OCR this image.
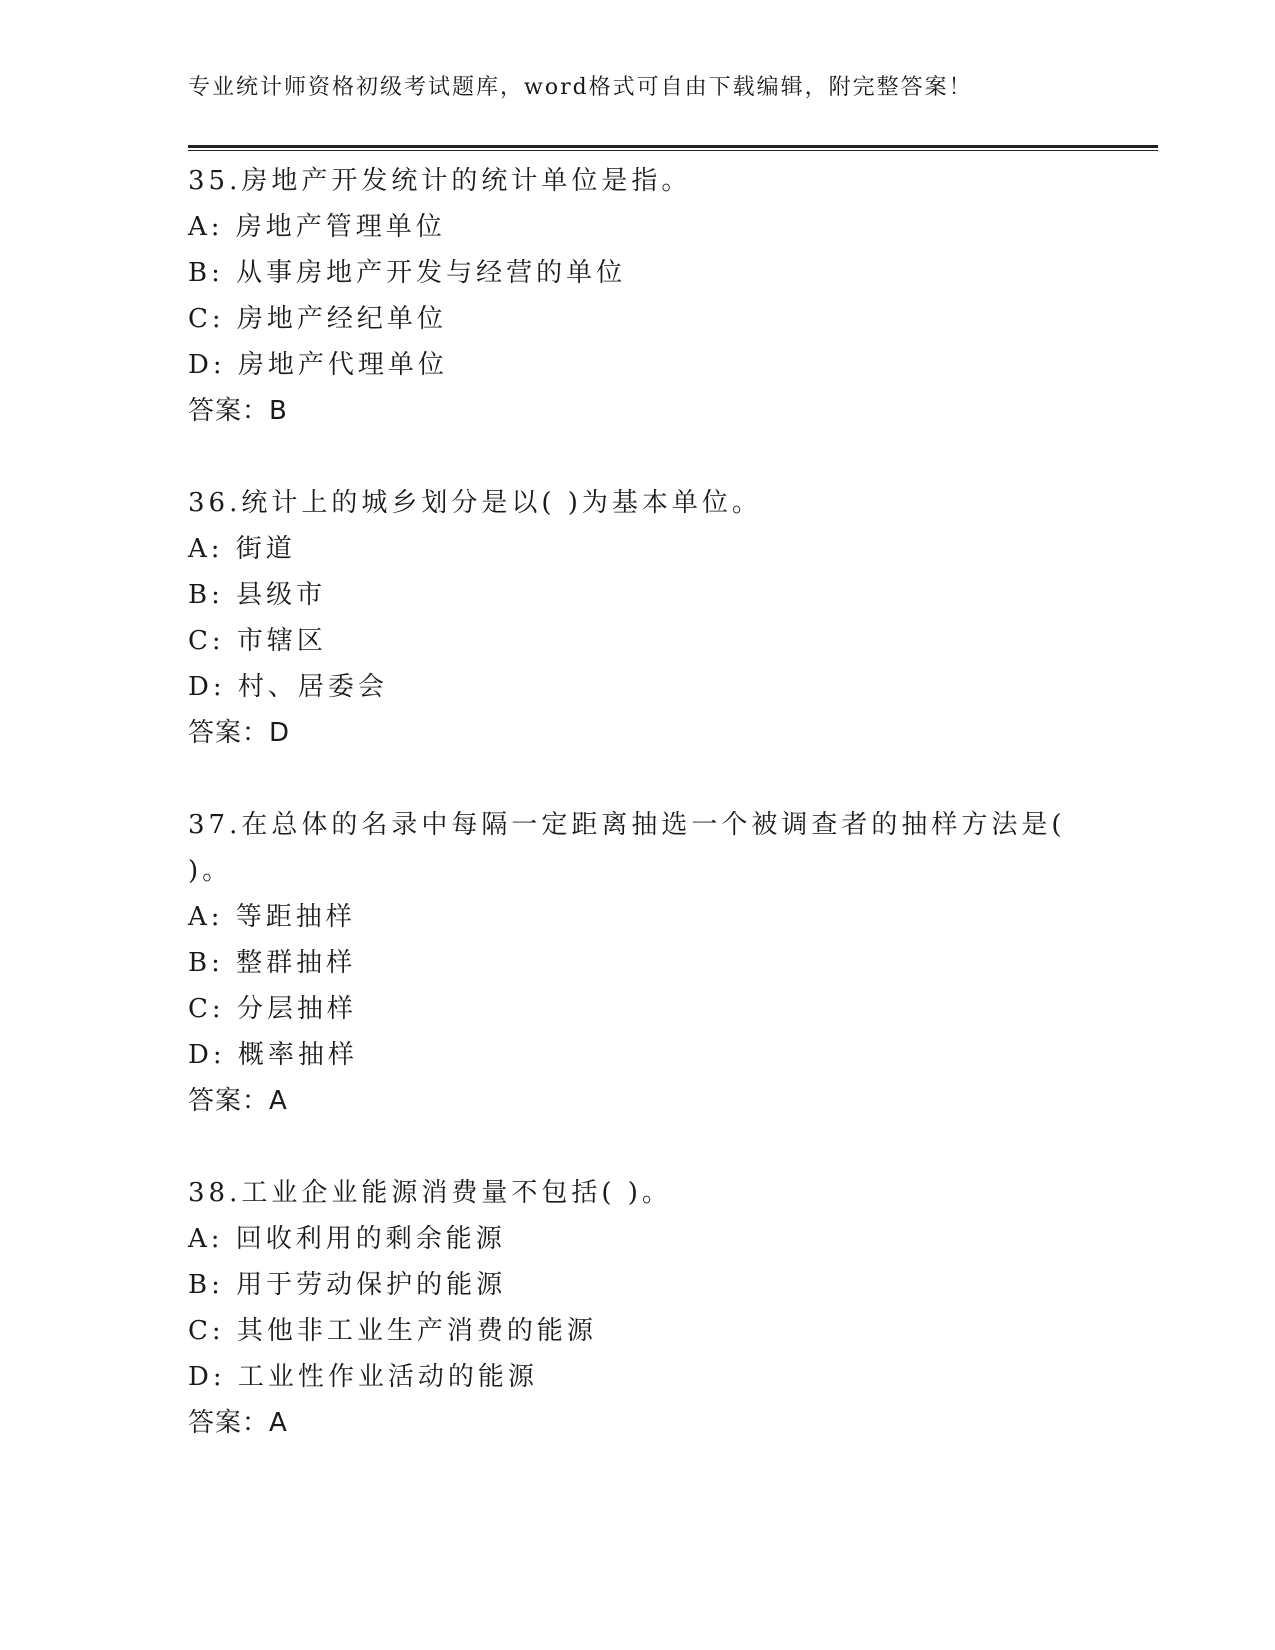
专业统计师资格初级考试题库，word格式可自由下载编辑，附完整答案！
35.房地产开发统计的统计单位是指。
A: 房地产管理单位
B: 从事房地产开发与经营的单位
C: 房地产经纪单位
D: 房地产代理单位
答案：B
36.统计上的城乡划分是以( )为基本单位。
A: 街道
B: 县级市
C: 市辖区
D: 村、居委会
答案：D
37.在总体的名录中每隔一定距离抽选一个被调查者的抽样方法是(
)。
A: 等距抽样
B: 整群抽样
C: 分层抽样
D: 概率抽样
答案：A
38.工业企业能源消费量不包括( )。
A: 回收利用的剩余能源
B: 用于劳动保护的能源
C: 其他非工业生产消费的能源
D: 工业性作业活动的能源
答案：A
